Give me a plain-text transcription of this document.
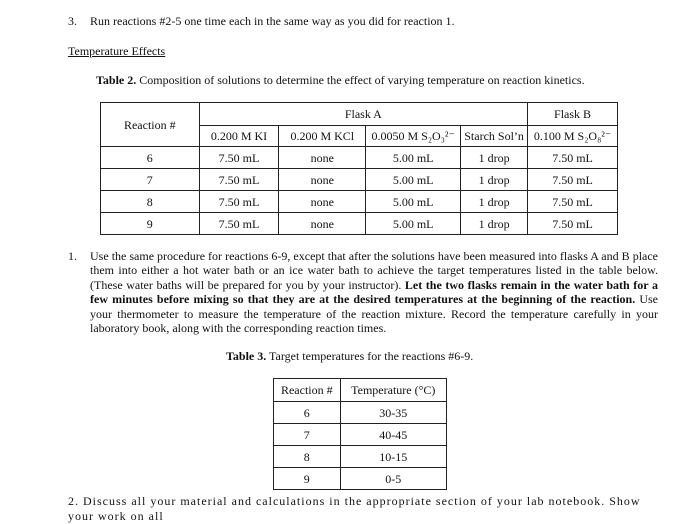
3. Run reactions #2-5 one time each in the same way as you did for reaction 1.
Temperature Effects
Table 2. Composition of solutions to determine the effect of varying temperature on reaction kinetics.
Reaction #	Flask A				Flask B
	0.200 M KI	0.200 M KCl	0.0050 M S₂O₃²⁻	Starch Sol’n	0.100 M S₂O₈²⁻
6	7.50 mL	none	5.00 mL	1 drop	7.50 mL
7	7.50 mL	none	5.00 mL	1 drop	7.50 mL
8	7.50 mL	none	5.00 mL	1 drop	7.50 mL
9	7.50 mL	none	5.00 mL	1 drop	7.50 mL
1. Use the same procedure for reactions 6-9, except that after the solutions have been measured into flasks A and B place them into either a hot water bath or an ice water bath to achieve the target temperatures listed in the table below. (These water baths will be prepared for you by your instructor). Let the two flasks remain in the water bath for a few minutes before mixing so that they are at the desired temperatures at the beginning of the reaction. Use your thermometer to measure the temperature of the reaction mixture. Record the temperature carefully in your laboratory book, along with the corresponding reaction times.
Table 3. Target temperatures for the reactions #6-9.
Reaction #	Temperature (°C)
6	30-35
7	40-45
8	10-15
9	0-5
2. Discuss all your material and calculations in the appropriate section of your lab notebook. Show your work on all
